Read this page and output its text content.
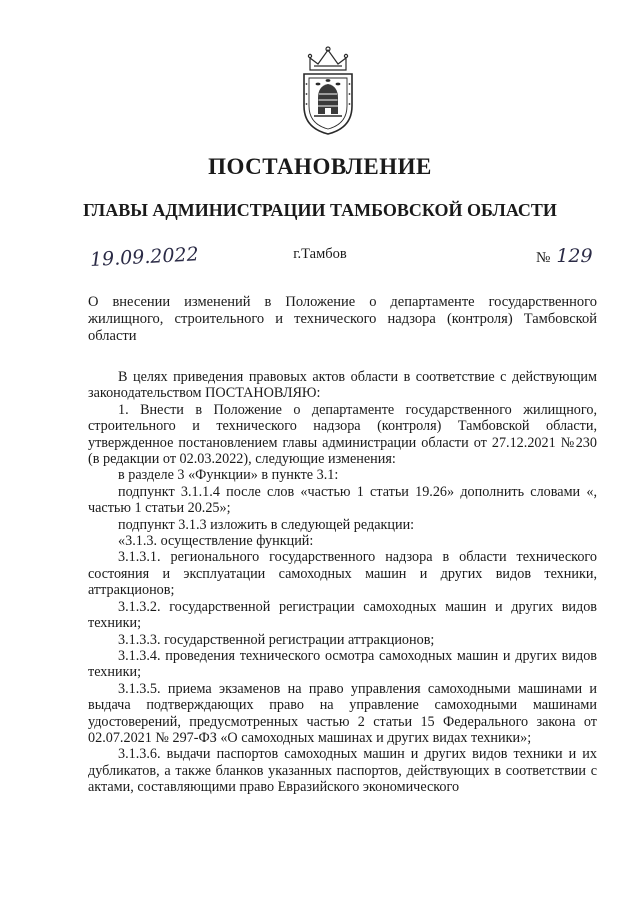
ПОСТАНОВЛЕНИЕ
ГЛАВЫ АДМИНИСТРАЦИИ ТАМБОВСКОЙ ОБЛАСТИ
19.09.2022	г.Тамбов	№ 129

О внесении изменений в Положение о департаменте государственного жилищного, строительного и технического надзора (контроля) Тамбовской области

В целях приведения правовых актов области в соответствие с действующим законодательством ПОСТАНОВЛЯЮ:

1. Внести в Положение о департаменте государственного жилищного, строительного и технического надзора (контроля) Тамбовской области, утвержденное постановлением главы администрации области от 27.12.2021 №230 (в редакции от 02.03.2022), следующие изменения:

в разделе 3 «Функции» в пункте 3.1:

подпункт 3.1.1.4 после слов «частью 1 статьи 19.26» дополнить словами «, частью 1 статьи 20.25»;

подпункт 3.1.3 изложить в следующей редакции:

«3.1.3. осуществление функций:

3.1.3.1. регионального государственного надзора в области технического состояния и эксплуатации самоходных машин и других видов техники, аттракционов;

3.1.3.2. государственной регистрации самоходных машин и других видов техники;

3.1.3.3. государственной регистрации аттракционов;

3.1.3.4. проведения технического осмотра самоходных машин и других видов техники;

3.1.3.5. приема экзаменов на право управления самоходными машинами и выдача подтверждающих право на управление самоходными машинами удостоверений, предусмотренных частью 2 статьи 15 Федерального закона от 02.07.2021 № 297-ФЗ «О самоходных машинах и других видах техники»;

3.1.3.6. выдачи паспортов самоходных машин и других видов техники и их дубликатов, а также бланков указанных паспортов, действующих в соответствии с актами, составляющими право Евразийского экономического
